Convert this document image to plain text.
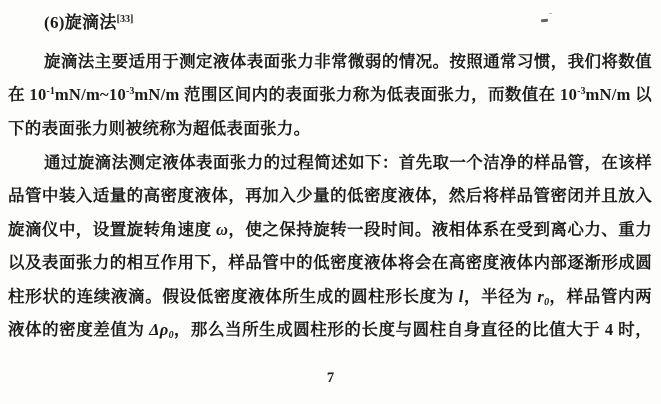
(6)旋滴法[33]
旋滴法主要适用于测定液体表面张力非常微弱的情况。按照通常习惯，我们将数值
在 $10^{-1}mN/m\sim 10^{-3}mN/m$ 范围区间内的表面张力称为低表面张力，而数值在 $10^{-3}mN/m$ 以
下的表面张力则被统称为超低表面张力。
通过旋滴法测定液体表面张力的过程简述如下：首先取一个洁净的样品管，在该样
品管中装入适量的高密度液体，再加入少量的低密度液体，然后将样品管密闭并且放入
旋滴仪中，设置旋转角速度 ω，使之保持旋转一段时间。液相体系在受到离心力、重力
以及表面张力的相互作用下，样品管中的低密度液体将会在高密度液体内部逐渐形成圆
柱形状的连续液滴。假设低密度液体所生成的圆柱形长度为 l，半径为 $r_0$，样品管内两
液体的密度差值为 $\Delta\rho_0$，那么当所生成圆柱形的长度与圆柱自身直径的比值大于 4 时，
7
